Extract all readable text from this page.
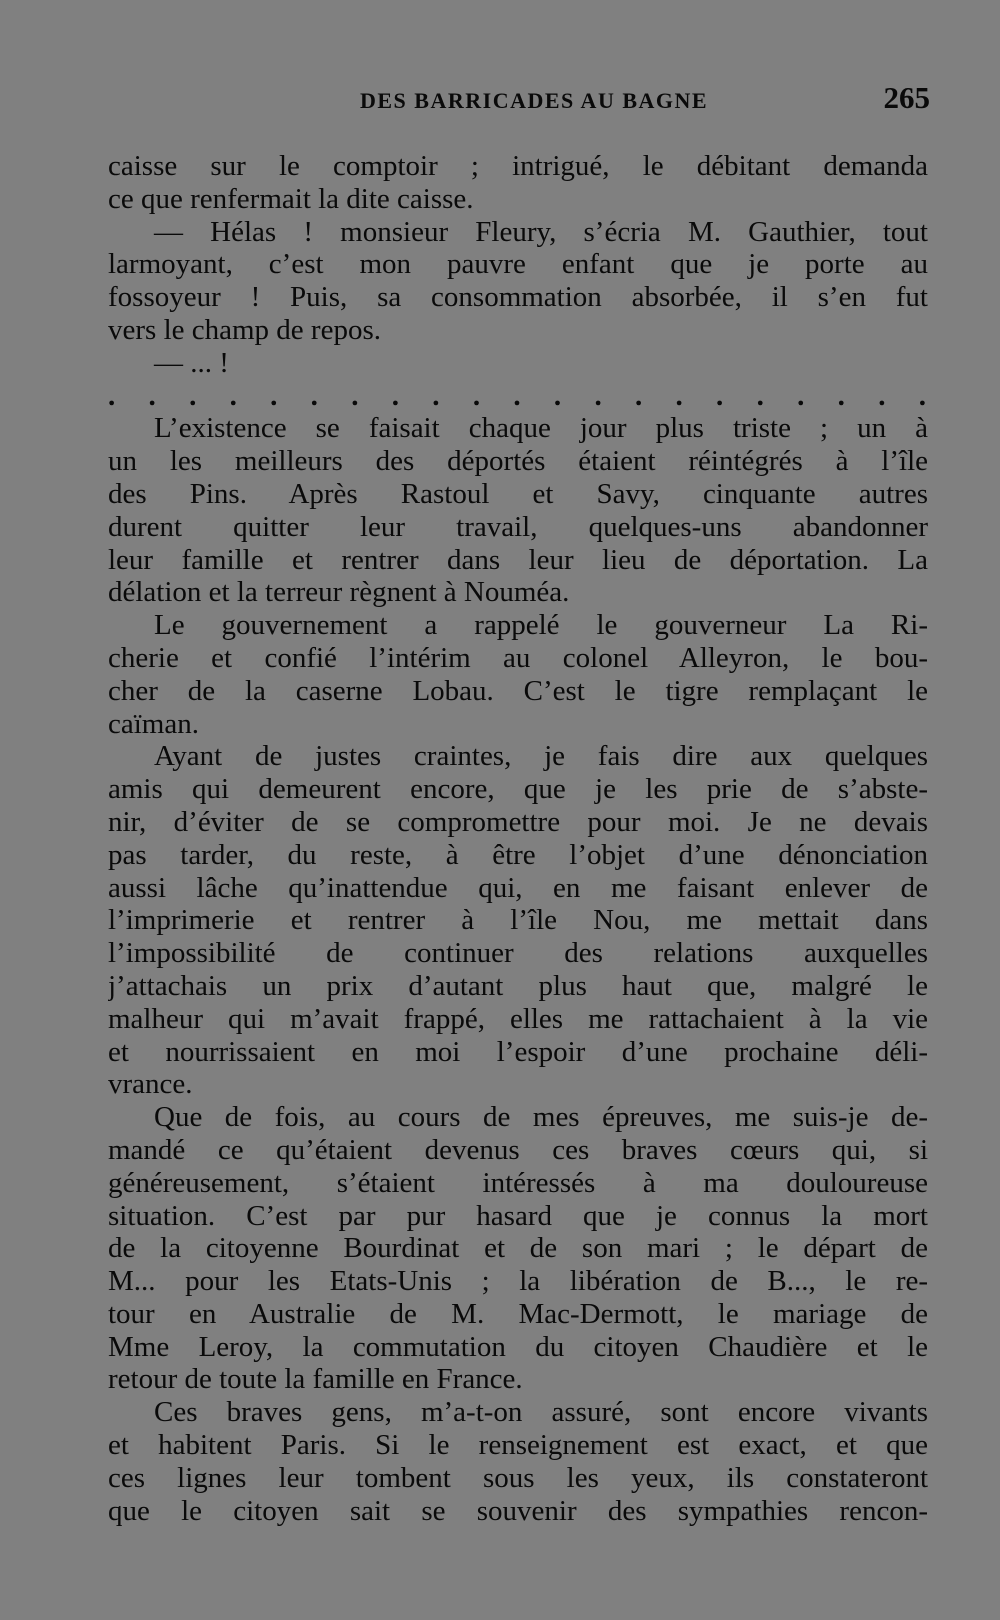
DES BARRICADES AU BAGNE	265
caisse sur le comptoir ; intrigué, le débitant demanda
ce que renfermait la dite caisse.
— Hélas ! monsieur Fleury, s’écria M. Gauthier, tout
larmoyant, c’est mon pauvre enfant que je porte au
fossoyeur ! Puis, sa consommation absorbée, il s’en fut
vers le champ de repos.
— ... !
. . . . . . . . . . . . . . . . . . . . .
L’existence se faisait chaque jour plus triste ; un à
un les meilleurs des déportés étaient réintégrés à l’île
des Pins. Après Rastoul et Savy, cinquante autres
durent quitter leur travail, quelques-uns abandonner
leur famille et rentrer dans leur lieu de déportation. La
délation et la terreur règnent à Nouméa.
Le gouvernement a rappelé le gouverneur La Ri-
cherie et confié l’intérim au colonel Alleyron, le bou-
cher de la caserne Lobau. C’est le tigre remplaçant le
caïman.
Ayant de justes craintes, je fais dire aux quelques
amis qui demeurent encore, que je les prie de s’abste-
nir, d’éviter de se compromettre pour moi. Je ne devais
pas tarder, du reste, à être l’objet d’une dénonciation
aussi lâche qu’inattendue qui, en me faisant enlever de
l’imprimerie et rentrer à l’île Nou, me mettait dans
l’impossibilité de continuer des relations auxquelles
j’attachais un prix d’autant plus haut que, malgré le
malheur qui m’avait frappé, elles me rattachaient à la vie
et nourrissaient en moi l’espoir d’une prochaine déli-
vrance.
Que de fois, au cours de mes épreuves, me suis-je de-
mandé ce qu’étaient devenus ces braves cœurs qui, si
généreusement, s’étaient intéressés à ma douloureuse
situation. C’est par pur hasard que je connus la mort
de la citoyenne Bourdinat et de son mari ; le départ de
M... pour les Etats-Unis ; la libération de B..., le re-
tour en Australie de M. Mac-Dermott, le mariage de
Mme Leroy, la commutation du citoyen Chaudière et le
retour de toute la famille en France.
Ces braves gens, m’a-t-on assuré, sont encore vivants
et habitent Paris. Si le renseignement est exact, et que
ces lignes leur tombent sous les yeux, ils constateront
que le citoyen sait se souvenir des sympathies rencon-
